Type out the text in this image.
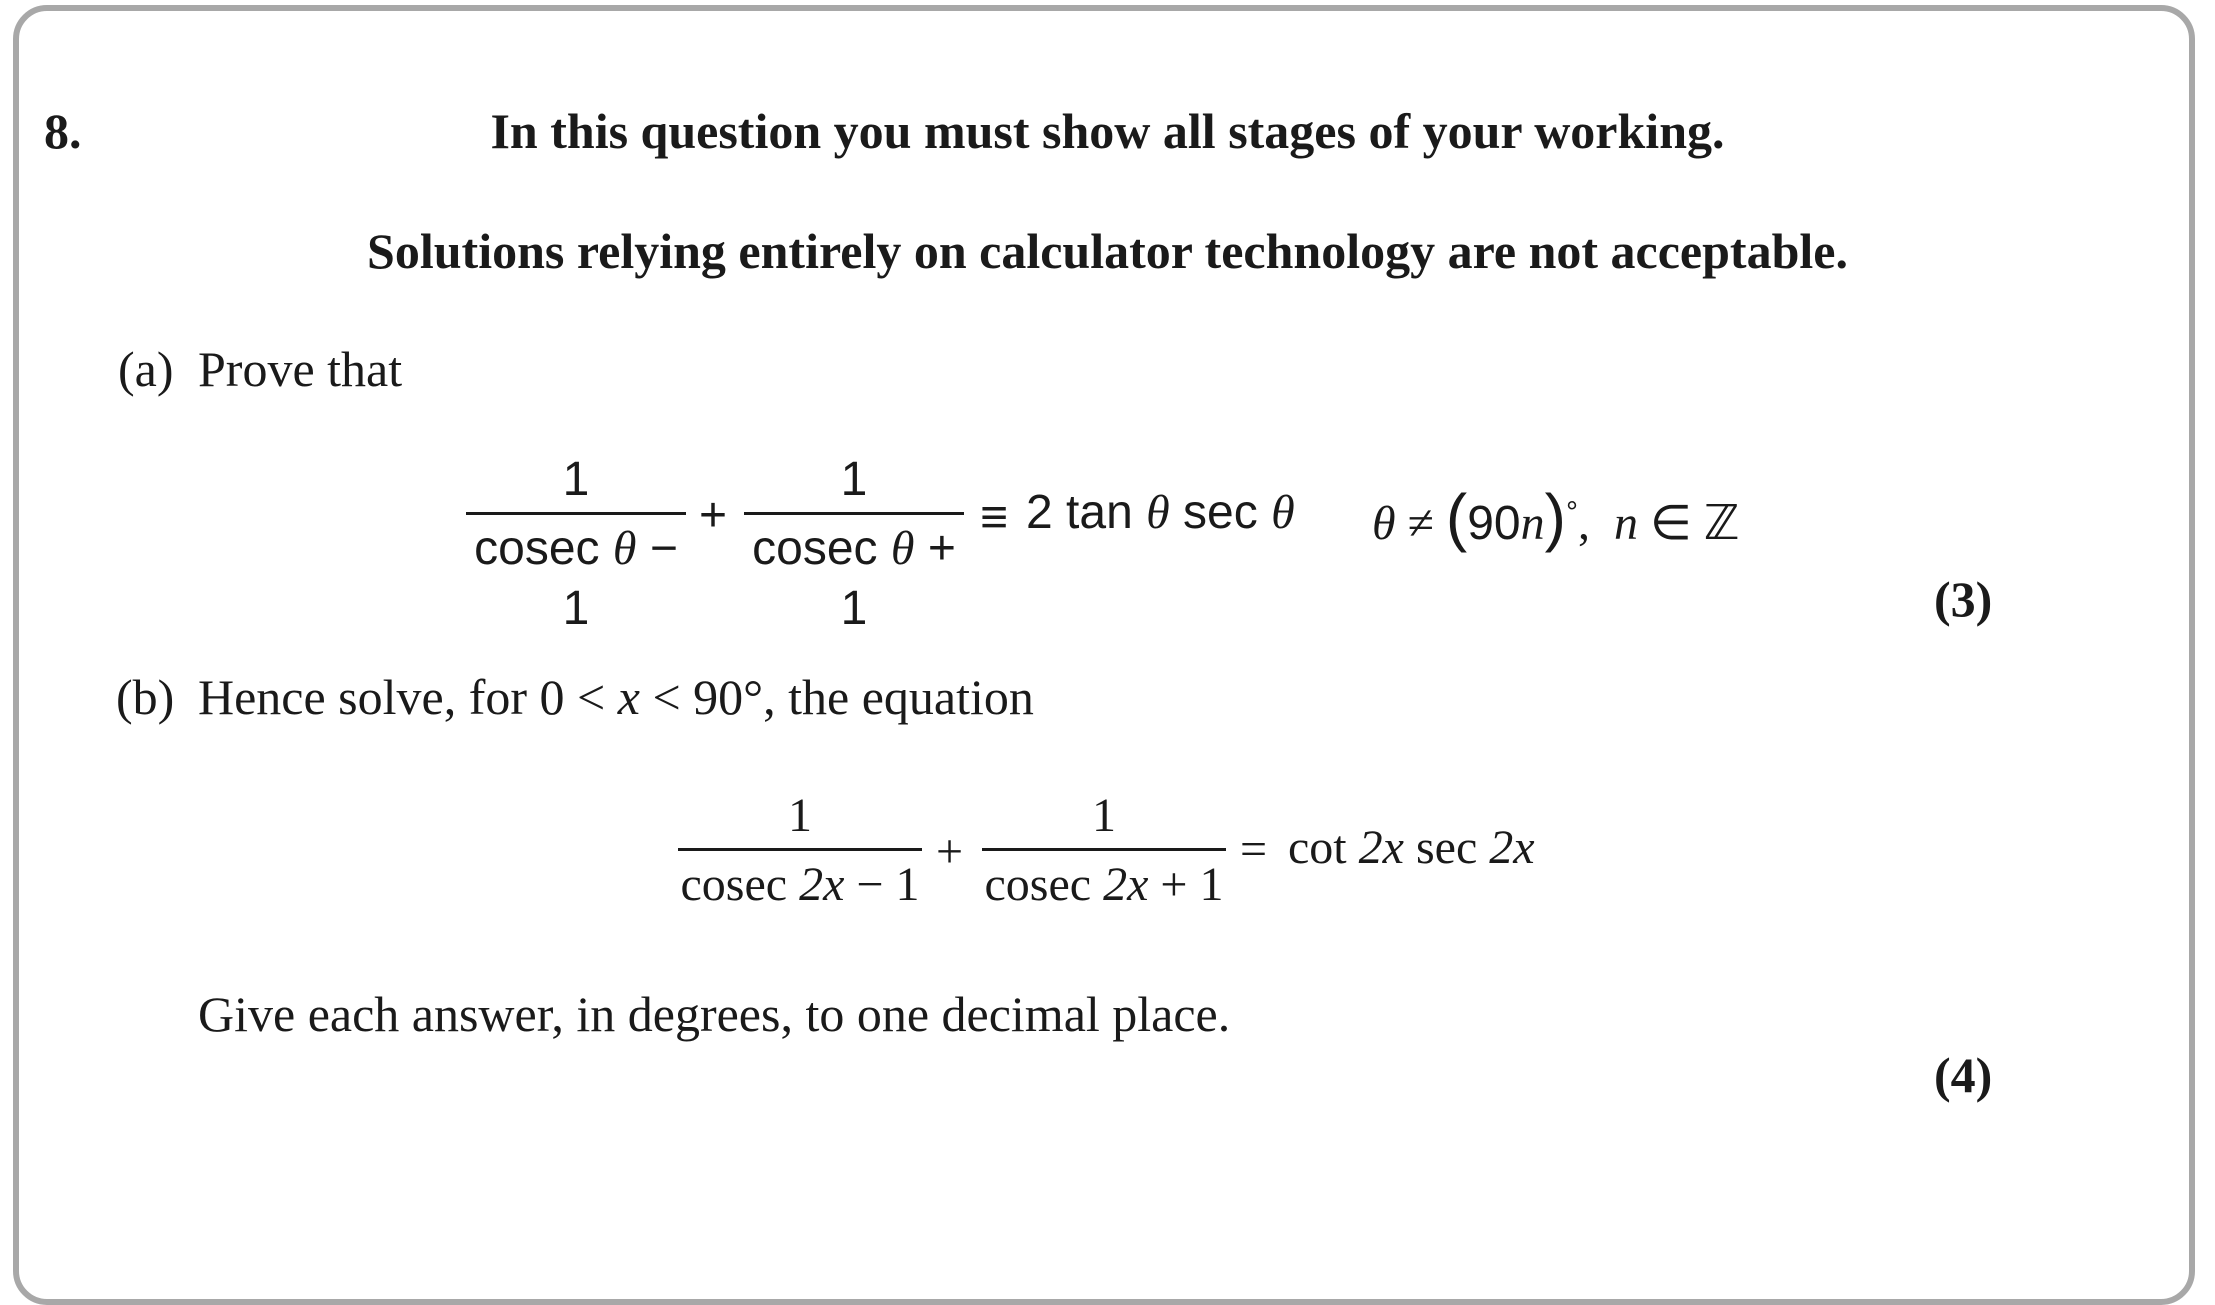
8.	In this question you must show all stages of your working.
Solutions relying entirely on calculator technology are not acceptable.
(a) Prove that
1
cosec θ − 1
+
1
cosec θ + 1
≡ 2 tan θ sec θ θ ≠ (90n)°, n ∈ ℤ
(3)
(b) Hence solve, for 0 < x < 90°, the equation
1
cosec 2x − 1
+
1
cosec 2x + 1
= cot 2x sec 2x
Give each answer, in degrees, to one decimal place.
(4)
